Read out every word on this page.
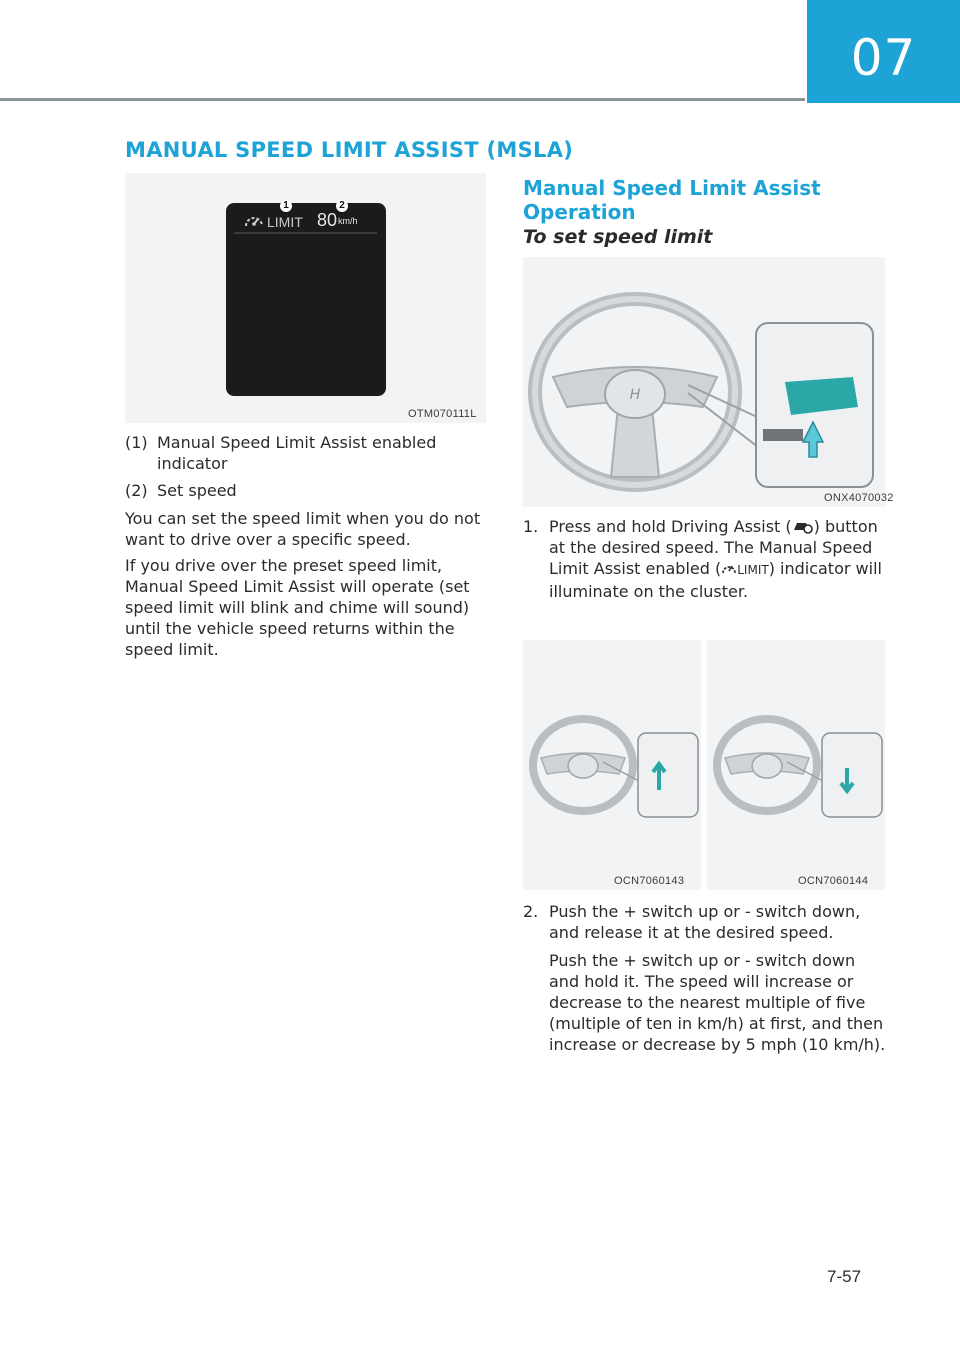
07
MANUAL SPEED LIMIT ASSIST (MSLA)
LIMIT 80 km/h
1	2
OTM070111L
(1) Manual Speed Limit Assist enabled indicator
(2) Set speed
You can set the speed limit when you do not want to drive over a specific speed.
If you drive over the preset speed limit, Manual Speed Limit Assist will operate (set speed limit will blink and chime will sound) until the vehicle speed returns within the speed limit.
Manual Speed Limit Assist Operation
To set speed limit
H
ONX4070032
1. Press and hold Driving Assist ( ) button at the desired speed. The Manual Speed Limit Assist enabled ( LIMIT) indicator will illuminate on the cluster.
OCN7060143	OCN7060144
2. Push the + switch up or - switch down, and release it at the desired speed.
Push the + switch up or - switch down and hold it. The speed will increase or decrease to the nearest multiple of five (multiple of ten in km/h) at first, and then increase or decrease by 5 mph (10 km/h).
7-57
